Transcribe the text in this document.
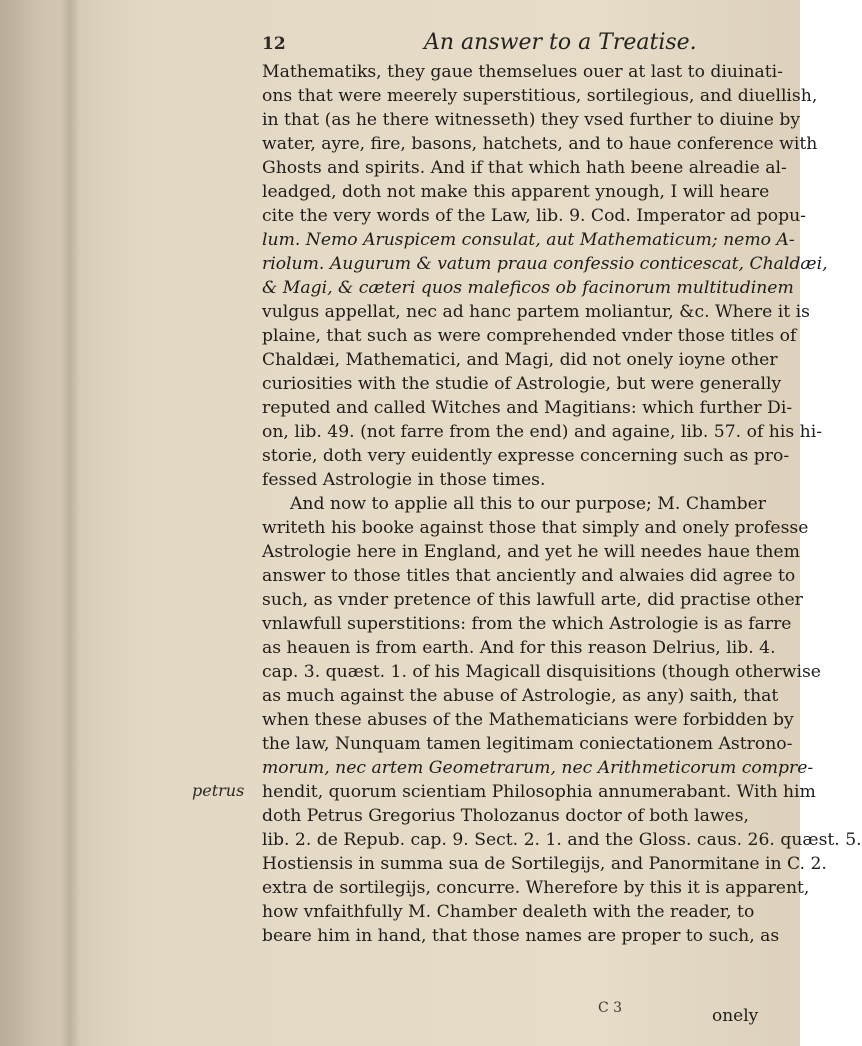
12	An answer to a Treatise.
Mathematiks, they gaue themselues ouer at last to diuinati-
ons that were meerely superstitious, sortilegious, and diuellish,
in that (as he there witnesseth) they vsed further to diuine by
water, ayre, fire, basons, hatchets, and to haue conference with
Ghosts and spirits. And if that which hath beene alreadie al-
leadged, doth not make this apparent ynough, I will heare
cite the very words of the Law, lib. 9. Cod. Imperator ad popu-
lum. Nemo Aruspicem consulat, aut Mathematicum; nemo A-
riolum. Augurum & vatum praua confessio conticescat, Chaldæi,
& Magi, & cæteri quos maleficos ob facinorum multitudinem
vulgus appellat, nec ad hanc partem moliantur, &c. Where it is
plaine, that such as were comprehended vnder those titles of
Chaldæi, Mathematici, and Magi, did not onely ioyne other
curiosities with the studie of Astrologie, but were generally
reputed and called Witches and Magitians: which further Di-
on, lib. 49. (not farre from the end) and againe, lib. 57. of his hi-
storie, doth very euidently expresse concerning such as pro-
fessed Astrologie in those times.
And now to applie all this to our purpose; M. Chamber
writeth his booke against those that simply and onely professe
Astrologie here in England, and yet he will needes haue them
answer to those titles that anciently and alwaies did agree to
such, as vnder pretence of this lawfull arte, did practise other
vnlawfull superstitions: from the which Astrologie is as farre
as heauen is from earth. And for this reason Delrius, lib. 4.
cap. 3. quæst. 1. of his Magicall disquisitions (though otherwise
as much against the abuse of Astrologie, as any) saith, that
when these abuses of the Mathematicians were forbidden by
the law, Nunquam tamen legitimam coniectationem Astrono-
morum, nec artem Geometrarum, nec Arithmeticorum compre-
hendit, quorum scientiam Philosophia annumerabant. With him
doth Petrus Gregorius Tholozanus doctor of both lawes,
lib. 2. de Repub. cap. 9. Sect. 2. 1. and the Gloss. caus. 26. quæst. 5.
Hostiensis in summa sua de Sortilegijs, and Panormitane in C. 2.
extra de sortilegijs, concurre. Wherefore by this it is apparent,
how vnfaithfully M. Chamber dealeth with the reader, to
beare him in hand, that those names are proper to such, as
petrus
C 3	onely
